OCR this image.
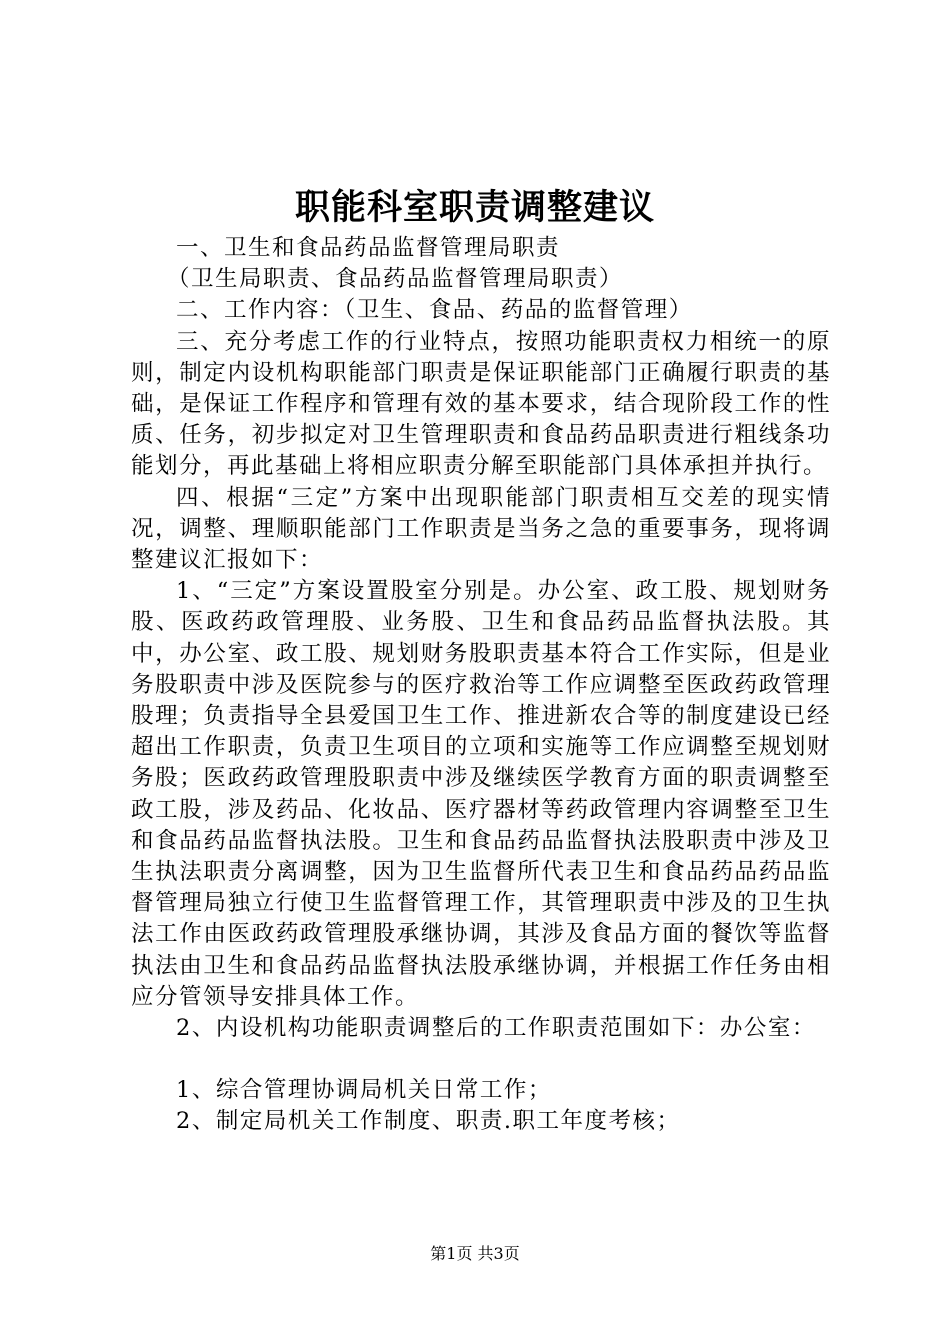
职能科室职责调整建议

一、卫生和食品药品监督管理局职责

（卫生局职责、食品药品监督管理局职责）

二、工作内容：（卫生、食品、药品的监督管理）

三、充分考虑工作的行业特点，按照功能职责权力相统一的原则，制定内设机构职能部门职责是保证职能部门正确履行职责的基础，是保证工作程序和管理有效的基本要求，结合现阶段工作的性质、任务，初步拟定对卫生管理职责和食品药品职责进行粗线条功能划分，再此基础上将相应职责分解至职能部门具体承担并执行。

四、根据“三定”方案中出现职能部门职责相互交差的现实情况，调整、理顺职能部门工作职责是当务之急的重要事务，现将调整建议汇报如下：

1、“三定”方案设置股室分别是。办公室、政工股、规划财务股、医政药政管理股、业务股、卫生和食品药品监督执法股。其中，办公室、政工股、规划财务股职责基本符合工作实际，但是业务股职责中涉及医院参与的医疗救治等工作应调整至医政药政管理股理；负责指导全县爱国卫生工作、推进新农合等的制度建设已经超出工作职责，负责卫生项目的立项和实施等工作应调整至规划财务股；医政药政管理股职责中涉及继续医学教育方面的职责调整至政工股，涉及药品、化妆品、医疗器材等药政管理内容调整至卫生和食品药品监督执法股。卫生和食品药品监督执法股职责中涉及卫生执法职责分离调整，因为卫生监督所代表卫生和食品药品药品监督管理局独立行使卫生监督管理工作，其管理职责中涉及的卫生执法工作由医政药政管理股承继协调，其涉及食品方面的餐饮等监督执法由卫生和食品药品监督执法股承继协调，并根据工作任务由相应分管领导安排具体工作。

2、内设机构功能职责调整后的工作职责范围如下：办公室：

1、综合管理协调局机关日常工作；

2、制定局机关工作制度、职责.职工年度考核；

第1页 共3页
